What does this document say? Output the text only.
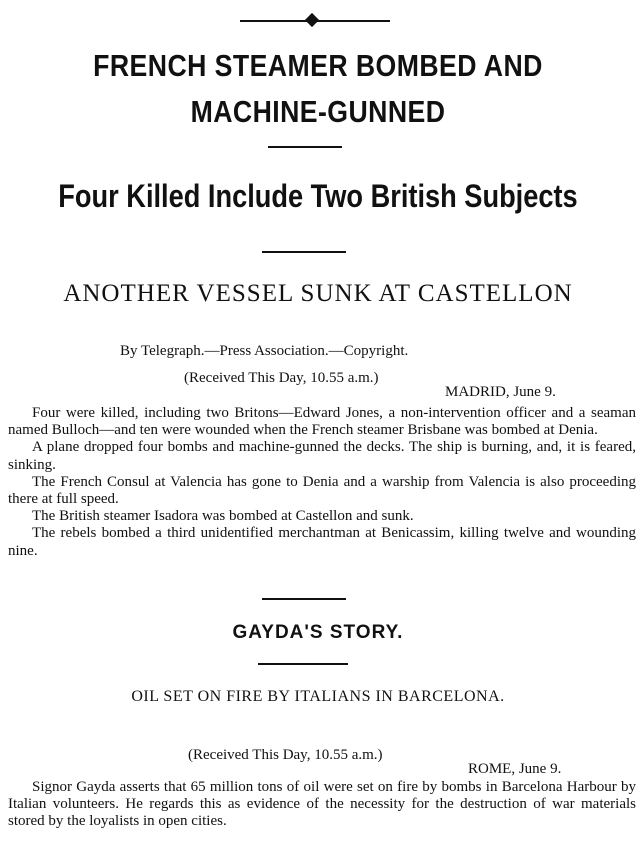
FRENCH STEAMER BOMBED AND
MACHINE-GUNNED
Four Killed Include Two British Subjects
ANOTHER VESSEL SUNK AT CASTELLON
By Telegraph.—Press Association.—Copyright.
(Received This Day, 10.55 a.m.)
MADRID, June 9.

Four were killed, including two Britons—Edward Jones, a non-intervention officer and a seaman named Bulloch—and ten were wounded when the French steamer Brisbane was bombed at Denia.

A plane dropped four bombs and machine-gunned the decks. The ship is burning, and, it is feared, sinking.

The French Consul at Valencia has gone to Denia and a warship from Valencia is also proceeding there at full speed.

The British steamer Isadora was bombed at Castellon and sunk.

The rebels bombed a third unidentified merchantman at Benicassim, killing twelve and wounding nine.

GAYDA'S STORY.
OIL SET ON FIRE BY ITALIANS IN BARCELONA.
(Received This Day, 10.55 a.m.)
ROME, June 9.

Signor Gayda asserts that 65 million tons of oil were set on fire by bombs in Barcelona Harbour by Italian volunteers. He regards this as evidence of the necessity for the destruction of war materials stored by the loyalists in open cities.
